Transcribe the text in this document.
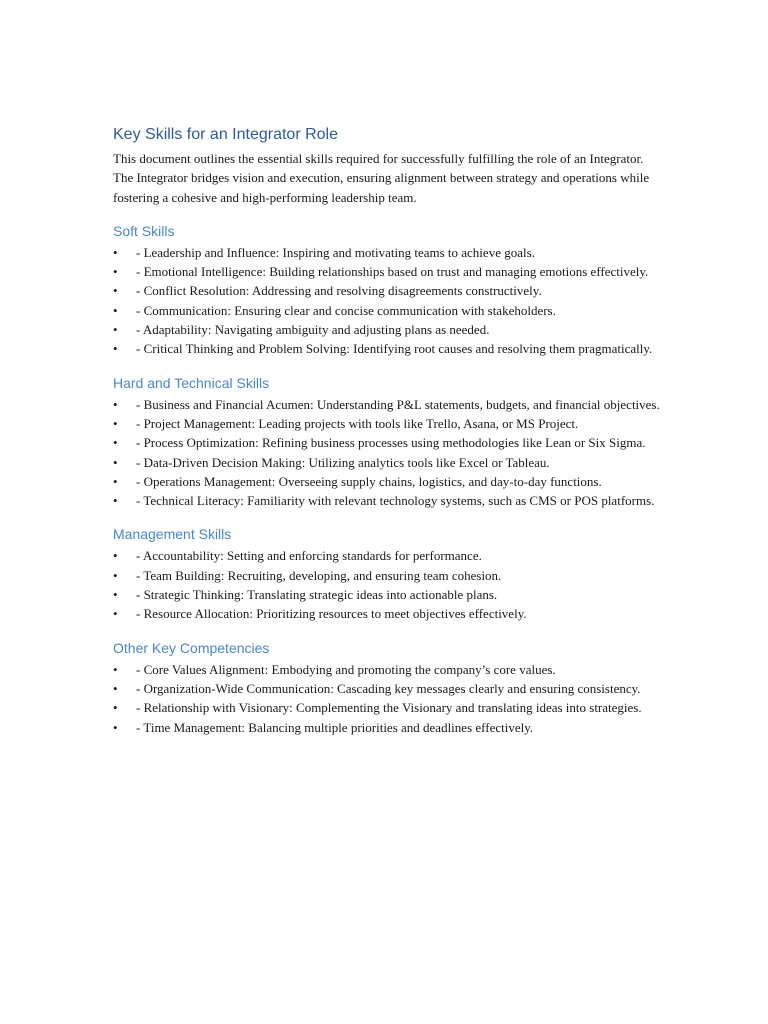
Key Skills for an Integrator Role

This document outlines the essential skills required for successfully fulfilling the role of an Integrator. The Integrator bridges vision and execution, ensuring alignment between strategy and operations while fostering a cohesive and high-performing leadership team.

Soft Skills
• - Leadership and Influence: Inspiring and motivating teams to achieve goals.
• - Emotional Intelligence: Building relationships based on trust and managing emotions effectively.
• - Conflict Resolution: Addressing and resolving disagreements constructively.
• - Communication: Ensuring clear and concise communication with stakeholders.
• - Adaptability: Navigating ambiguity and adjusting plans as needed.
• - Critical Thinking and Problem Solving: Identifying root causes and resolving them pragmatically.
Hard and Technical Skills
• - Business and Financial Acumen: Understanding P&L statements, budgets, and financial objectives.
• - Project Management: Leading projects with tools like Trello, Asana, or MS Project.
• - Process Optimization: Refining business processes using methodologies like Lean or Six Sigma.
• - Data-Driven Decision Making: Utilizing analytics tools like Excel or Tableau.
• - Operations Management: Overseeing supply chains, logistics, and day-to-day functions.
• - Technical Literacy: Familiarity with relevant technology systems, such as CMS or POS platforms.
Management Skills
• - Accountability: Setting and enforcing standards for performance.
• - Team Building: Recruiting, developing, and ensuring team cohesion.
• - Strategic Thinking: Translating strategic ideas into actionable plans.
• - Resource Allocation: Prioritizing resources to meet objectives effectively.
Other Key Competencies
• - Core Values Alignment: Embodying and promoting the company’s core values.
• - Organization-Wide Communication: Cascading key messages clearly and ensuring consistency.
• - Relationship with Visionary: Complementing the Visionary and translating ideas into strategies.
• - Time Management: Balancing multiple priorities and deadlines effectively.
